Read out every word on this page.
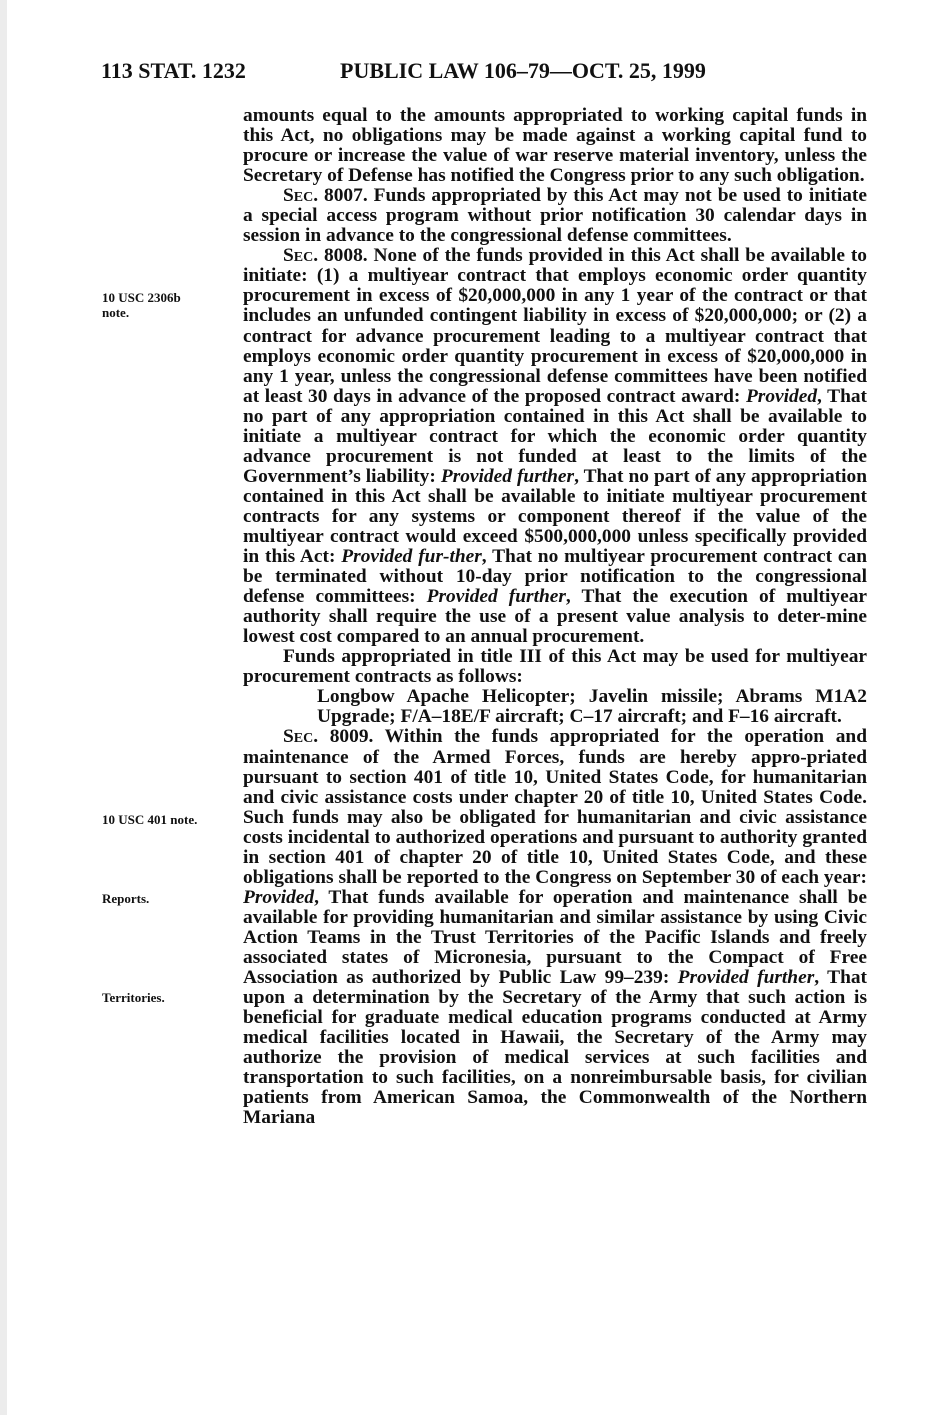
113 STAT. 1232	PUBLIC LAW 106–79—OCT. 25, 1999
10 USC 2306b
note.
10 USC 401 note.
Reports.
Territories.

amounts equal to the amounts appropriated to working capital funds in this Act, no obligations may be made against a working capital fund to procure or increase the value of war reserve material inventory, unless the Secretary of Defense has notified the Congress prior to any such obligation.

Sec. 8007. Funds appropriated by this Act may not be used to initiate a special access program without prior notification 30 calendar days in session in advance to the congressional defense committees.

Sec. 8008. None of the funds provided in this Act shall be available to initiate: (1) a multiyear contract that employs economic order quantity procurement in excess of $20,000,000 in any 1 year of the contract or that includes an unfunded contingent liability in excess of $20,000,000; or (2) a contract for advance procurement leading to a multiyear contract that employs economic order quantity procurement in excess of $20,000,000 in any 1 year, unless the congressional defense committees have been notified at least 30 days in advance of the proposed contract award: Provided, That no part of any appropriation contained in this Act shall be available to initiate a multiyear contract for which the economic order quantity advance procurement is not funded at least to the limits of the Government’s liability: Provided further, That no part of any appropriation contained in this Act shall be available to initiate multiyear procurement contracts for any systems or component thereof if the value of the multiyear contract would exceed $500,000,000 unless specifically provided in this Act: Provided fur-ther, That no multiyear procurement contract can be terminated without 10-day prior notification to the congressional defense committees: Provided further, That the execution of multiyear authority shall require the use of a present value analysis to deter-mine lowest cost compared to an annual procurement.

Funds appropriated in title III of this Act may be used for multiyear procurement contracts as follows:

Longbow Apache Helicopter; Javelin missile; Abrams M1A2 Upgrade; F/A–18E/F aircraft; C–17 aircraft; and F–16 aircraft.

Sec. 8009. Within the funds appropriated for the operation and maintenance of the Armed Forces, funds are hereby appro-priated pursuant to section 401 of title 10, United States Code, for humanitarian and civic assistance costs under chapter 20 of title 10, United States Code. Such funds may also be obligated for humanitarian and civic assistance costs incidental to authorized operations and pursuant to authority granted in section 401 of chapter 20 of title 10, United States Code, and these obligations shall be reported to the Congress on September 30 of each year: Provided, That funds available for operation and maintenance shall be available for providing humanitarian and similar assistance by using Civic Action Teams in the Trust Territories of the Pacific Islands and freely associated states of Micronesia, pursuant to the Compact of Free Association as authorized by Public Law 99–239: Provided further, That upon a determination by the Secretary of the Army that such action is beneficial for graduate medical education programs conducted at Army medical facilities located in Hawaii, the Secretary of the Army may authorize the provision of medical services at such facilities and transportation to such facilities, on a nonreimbursable basis, for civilian patients from American Samoa, the Commonwealth of the Northern Mariana
